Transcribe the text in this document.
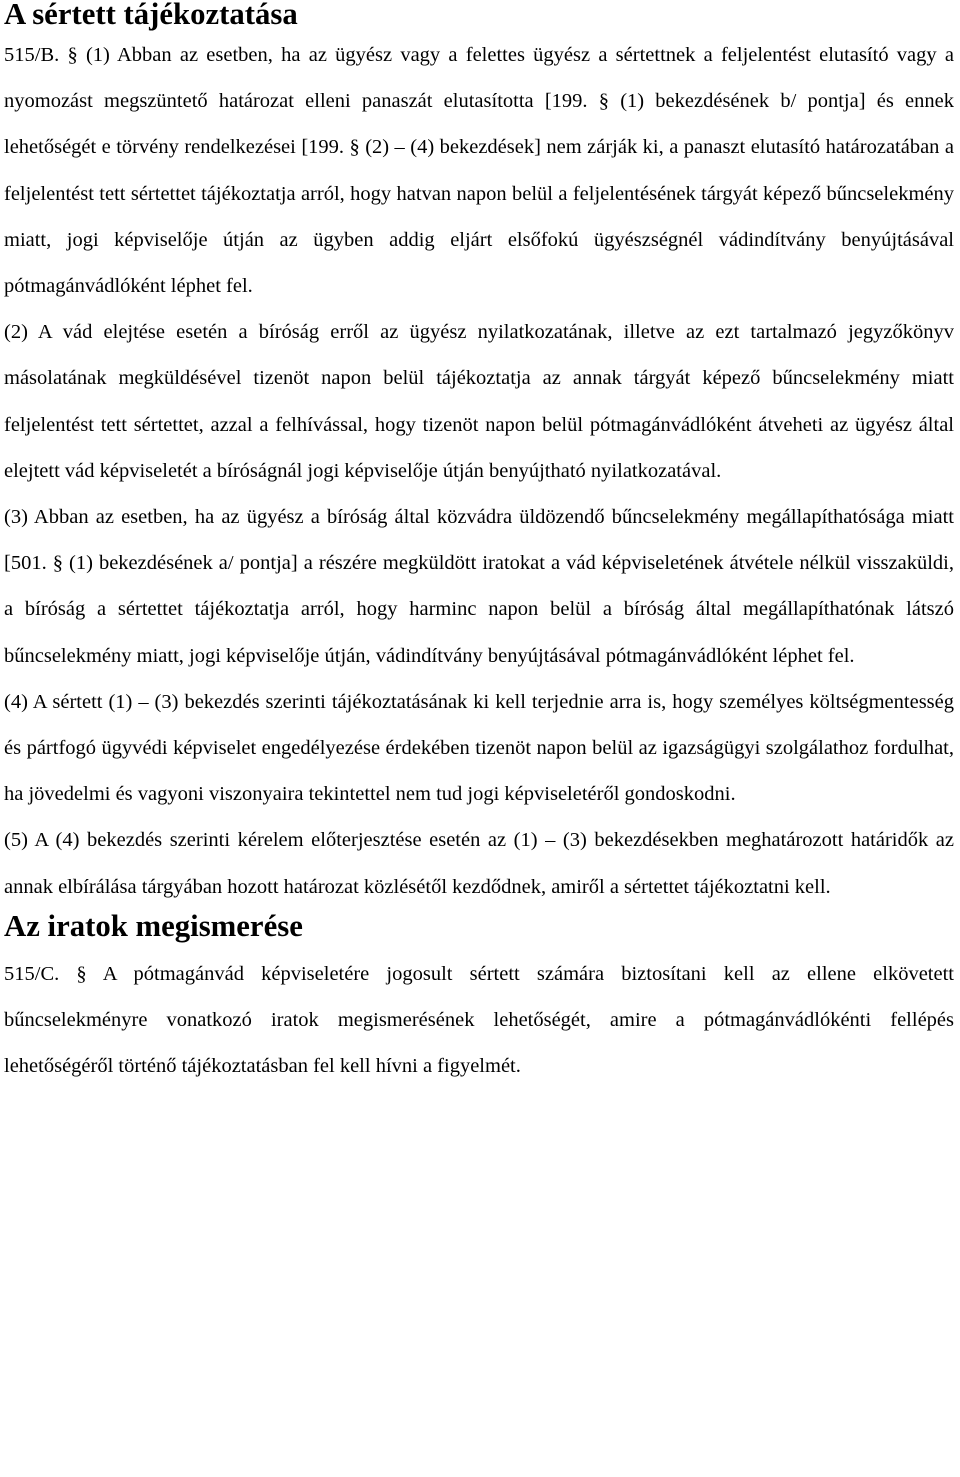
A sértett tájékoztatása

515/B. § (1) Abban az esetben, ha az ügyész vagy a felettes ügyész a sértettnek a feljelentést elutasító vagy a nyomozást megszüntető határozat elleni panaszát elutasította [199. § (1) bekezdésének b/ pontja] és ennek lehetőségét e törvény rendelkezései [199. § (2) – (4) bekezdések] nem zárják ki, a panaszt elutasító határozatában a feljelentést tett sértettet tájékoztatja arról, hogy hatvan napon belül a feljelentésének tárgyát képező bűncselekmény miatt, jogi képviselője útján az ügyben addig eljárt elsőfokú ügyészségnél vádindítvány benyújtásával pótmagánvádlóként léphet fel.

(2) A vád elejtése esetén a bíróság erről az ügyész nyilatkozatának, illetve az ezt tartalmazó jegyzőkönyv másolatának megküldésével tizenöt napon belül tájékoztatja az annak tárgyát képező bűncselekmény miatt feljelentést tett sértettet, azzal a felhívással, hogy tizenöt napon belül pótmagánvádlóként átveheti az ügyész által elejtett vád képviseletét a bíróságnál jogi képviselője útján benyújtható nyilatkozatával.

(3) Abban az esetben, ha az ügyész a bíróság által közvádra üldözendő bűncselekmény megállapíthatósága miatt [501. § (1) bekezdésének a/ pontja] a részére megküldött iratokat a vád képviseletének átvétele nélkül visszaküldi, a bíróság a sértettet tájékoztatja arról, hogy harminc napon belül a bíróság által megállapíthatónak látszó bűncselekmény miatt, jogi képviselője útján, vádindítvány benyújtásával pótmagánvádlóként léphet fel.

(4) A sértett (1) – (3) bekezdés szerinti tájékoztatásának ki kell terjednie arra is, hogy személyes költségmentesség és pártfogó ügyvédi képviselet engedélyezése érdekében tizenöt napon belül az igazságügyi szolgálathoz fordulhat, ha jövedelmi és vagyoni viszonyaira tekintettel nem tud jogi képviseletéről gondoskodni.

(5) A (4) bekezdés szerinti kérelem előterjesztése esetén az (1) – (3) bekezdésekben meghatározott határidők az annak elbírálása tárgyában hozott határozat közlésétől kezdődnek, amiről a sértettet tájékoztatni kell.

Az iratok megismerése

515/C. § A pótmagánvád képviseletére jogosult sértett számára biztosítani kell az ellene elkövetett bűncselekményre vonatkozó iratok megismerésének lehetőségét, amire a pótmagánvádlókénti fellépés lehetőségéről történő tájékoztatásban fel kell hívni a figyelmét.
